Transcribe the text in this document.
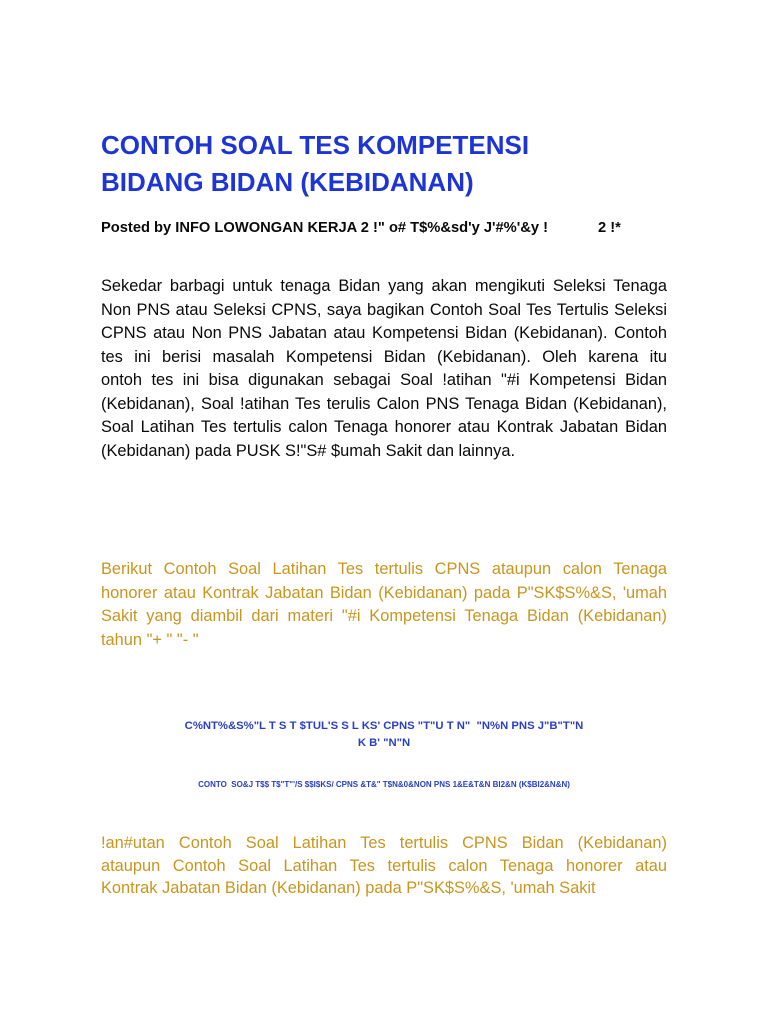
CONTOH SOAL TES KOMPETENSI
BIDANG BIDAN (KEBIDANAN)
Posted by INFO LOWONGAN KERJA 2 !" o# T$%&sd'y J'#%'&y !	2 !*
Sekedar barbagi untuk tenaga Bidan yang akan mengikuti Seleksi Tenaga
Non PNS atau Seleksi CPNS, saya bagikan Contoh Soal Tes Tertulis Seleksi
CPNS atau Non PNS Jabatan atau Kompetensi Bidan (Kebidanan). Contoh
tes ini berisi masalah Kompetensi Bidan (Kebidanan). Oleh karena itu
ontoh tes ini bisa digunakan sebagai Soal !atihan "#i Kompetensi Bidan
(Kebidanan), Soal !atihan Tes terulis Calon PNS Tenaga Bidan (Kebidanan),
Soal Latihan Tes tertulis calon Tenaga honorer atau Kontrak Jabatan Bidan
(Kebidanan) pada PUSK S!"S# $umah Sakit dan lainnya.
Berikut Contoh Soal Latihan Tes tertulis CPNS ataupun calon Tenaga
honorer atau Kontrak Jabatan Bidan (Kebidanan) pada P"SK$S%&S, 'umah
Sakit yang diambil dari materi "#i Kompetensi Tenaga Bidan (Kebidanan)
tahun "+ " "- "
C%NT%&S%"L T S T $TUL'S S L KS' CPNS "T"U T N"  "N%N PNS J"B"T"N
K B' "N"N
CONTO  SO&J T$$ T$"T"'/S $$I$KS/ CPNS &T&" T$N&0&NON PNS 1&E&T&N BI2&N (K$BI2&N&N)
!an#utan Contoh Soal Latihan Tes tertulis CPNS Bidan (Kebidanan)
ataupun Contoh Soal Latihan Tes tertulis calon Tenaga honorer atau
Kontrak Jabatan Bidan (Kebidanan) pada P"SK$S%&S, 'umah Sakit
